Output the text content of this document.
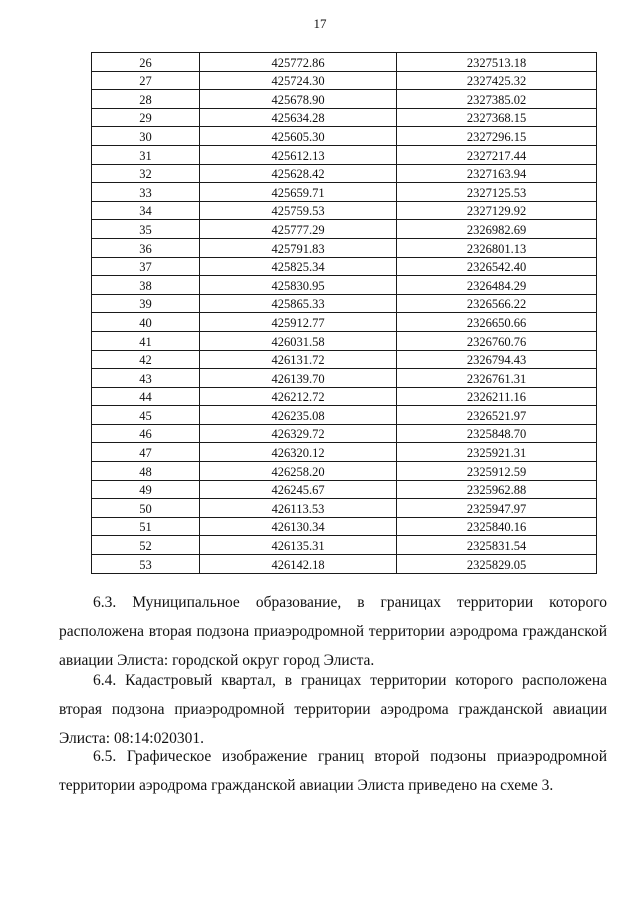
17
26	425772.86	2327513.18
27	425724.30	2327425.32
28	425678.90	2327385.02
29	425634.28	2327368.15
30	425605.30	2327296.15
31	425612.13	2327217.44
32	425628.42	2327163.94
33	425659.71	2327125.53
34	425759.53	2327129.92
35	425777.29	2326982.69
36	425791.83	2326801.13
37	425825.34	2326542.40
38	425830.95	2326484.29
39	425865.33	2326566.22
40	425912.77	2326650.66
41	426031.58	2326760.76
42	426131.72	2326794.43
43	426139.70	2326761.31
44	426212.72	2326211.16
45	426235.08	2326521.97
46	426329.72	2325848.70
47	426320.12	2325921.31
48	426258.20	2325912.59
49	426245.67	2325962.88
50	426113.53	2325947.97
51	426130.34	2325840.16
52	426135.31	2325831.54
53	426142.18	2325829.05

6.3. Муниципальное образование, в границах территории которого расположена вторая подзона приаэродромной территории аэродрома гражданской авиации Элиста: городской округ город Элиста.

6.4. Кадастровый квартал, в границах территории которого расположена вторая подзона приаэродромной территории аэродрома гражданской авиации Элиста: 08:14:020301.

6.5. Графическое изображение границ второй подзоны приаэродромной территории аэродрома гражданской авиации Элиста приведено на схеме 3.
